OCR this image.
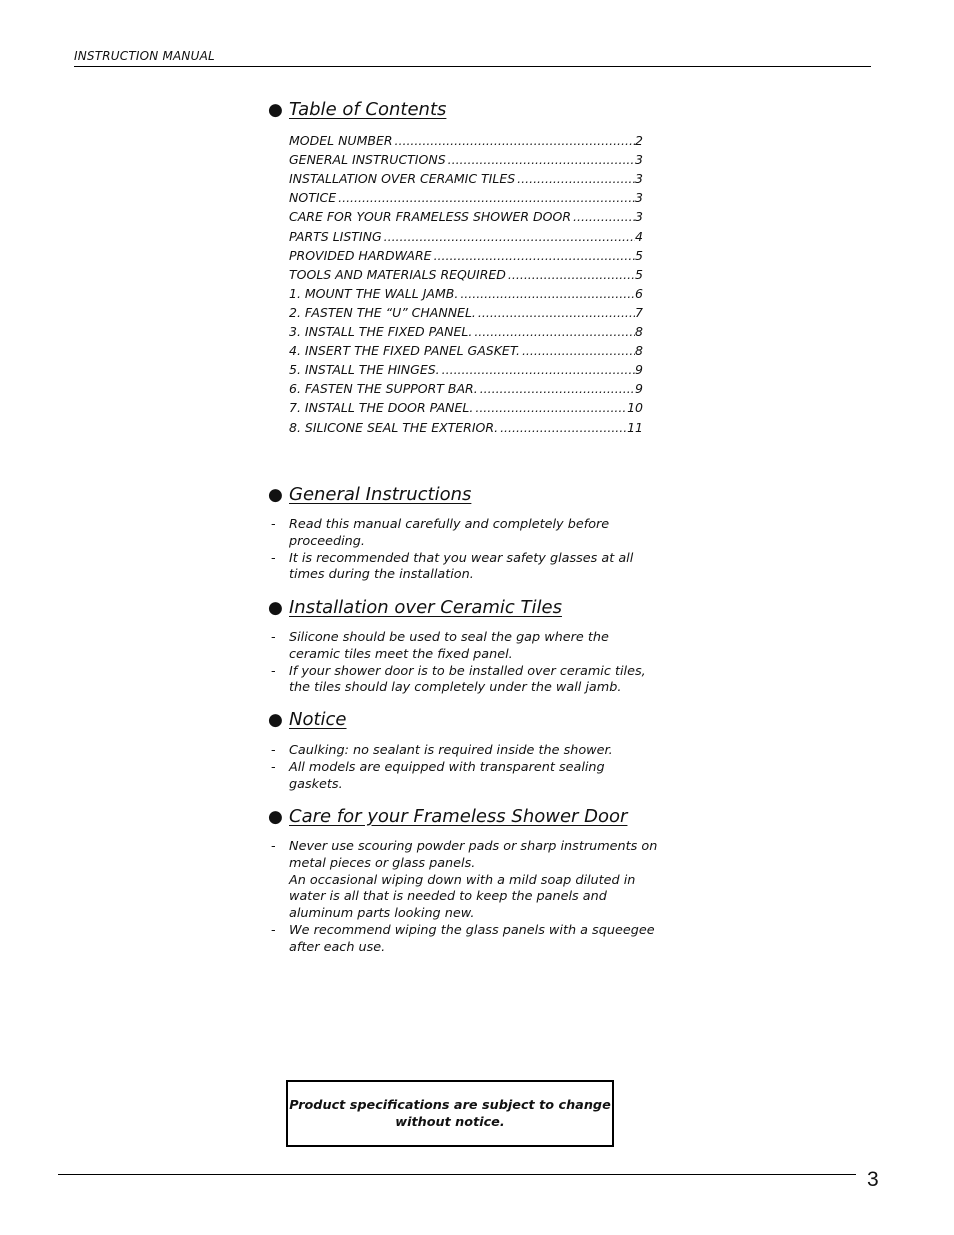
INSTRUCTION MANUAL
● Table of Contents
MODEL NUMBER .....	2
GENERAL INSTRUCTIONS .....	3
INSTALLATION OVER CERAMIC TILES .....	3
NOTICE .....	3
CARE FOR YOUR FRAMELESS SHOWER DOOR .....	3
PARTS LISTING .....	4
PROVIDED HARDWARE .....	5
TOOLS AND MATERIALS REQUIRED .....	5
1. MOUNT THE WALL JAMB. .....	6
2. FASTEN THE “U” CHANNEL. .....	7
3. INSTALL THE FIXED PANEL. .....	8
4. INSERT THE FIXED PANEL GASKET. .....	8
5. INSTALL THE HINGES. .....	9
6. FASTEN THE SUPPORT BAR. .....	9
7. INSTALL THE DOOR PANEL. .....	10
8. SILICONE SEAL THE EXTERIOR. .....	11
● General Instructions
- Read this manual carefully and completely before proceeding.
- It is recommended that you wear safety glasses at all times during the installation.
● Installation over Ceramic Tiles
- Silicone should be used to seal the gap where the ceramic tiles meet the fixed panel.
- If your shower door is to be installed over ceramic tiles, the tiles should lay completely under the wall jamb.
● Notice
- Caulking: no sealant is required inside the shower.
- All models are equipped with transparent sealing gaskets.
● Care for your Frameless Shower Door
- Never use scouring powder pads or sharp instruments on metal pieces or glass panels.
An occasional wiping down with a mild soap diluted in water is all that is needed to keep the panels and aluminum parts looking new.
- We recommend wiping the glass panels with a squeegee after each use.
Product specifications are subject to change without notice.
3
